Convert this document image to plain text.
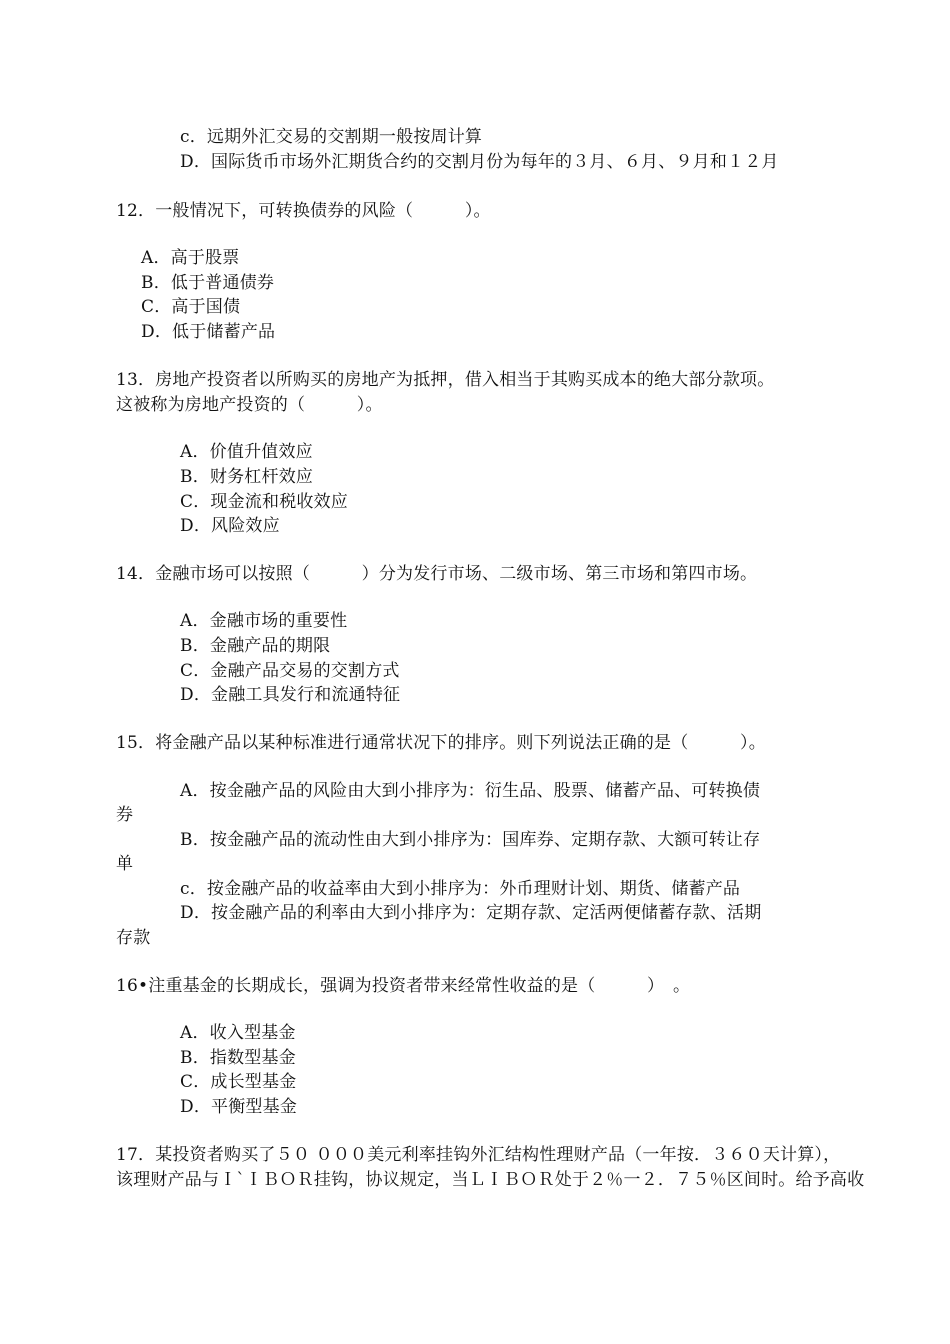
c．远期外汇交易的交割期一般按周计算
D．国际货币市场外汇期货合约的交割月份为每年的３月、６月、９月和１２月
12．一般情况下，可转换债券的风险（　　　）。
A．高于股票
B．低于普通债券
C．高于国债
D．低于储蓄产品
13．房地产投资者以所购买的房地产为抵押，借入相当于其购买成本的绝大部分款项。
这被称为房地产投资的（　　　）。
A．价值升值效应
B．财务杠杆效应
C．现金流和税收效应
D．风险效应
14．金融市场可以按照（　　　）分为发行市场、二级市场、第三市场和第四市场。
A．金融市场的重要性
B．金融产品的期限
C．金融产品交易的交割方式
D．金融工具发行和流通特征
15．将金融产品以某种标准进行通常状况下的排序。则下列说法正确的是（　　　）。
A．按金融产品的风险由大到小排序为：衍生品、股票、储蓄产品、可转换债
券
B．按金融产品的流动性由大到小排序为：国库券、定期存款、大额可转让存
单
c．按金融产品的收益率由大到小排序为：外币理财计划、期货、储蓄产品
D．按金融产品的利率由大到小排序为：定期存款、定活两便储蓄存款、活期
存款
16•注重基金的长期成长，强调为投资者带来经常性收益的是（　　　）　。
A．收入型基金
B．指数型基金
C．成长型基金
D．平衡型基金
17．某投资者购买了５０ ０００美元利率挂钩外汇结构性理财产品（一年按．３６０天计算），
该理财产品与Ｉ`ＩＢＯＲ挂钩，协议规定，当ＬＩＢＯＲ处于２％一２．７５％区间时。给予高收
